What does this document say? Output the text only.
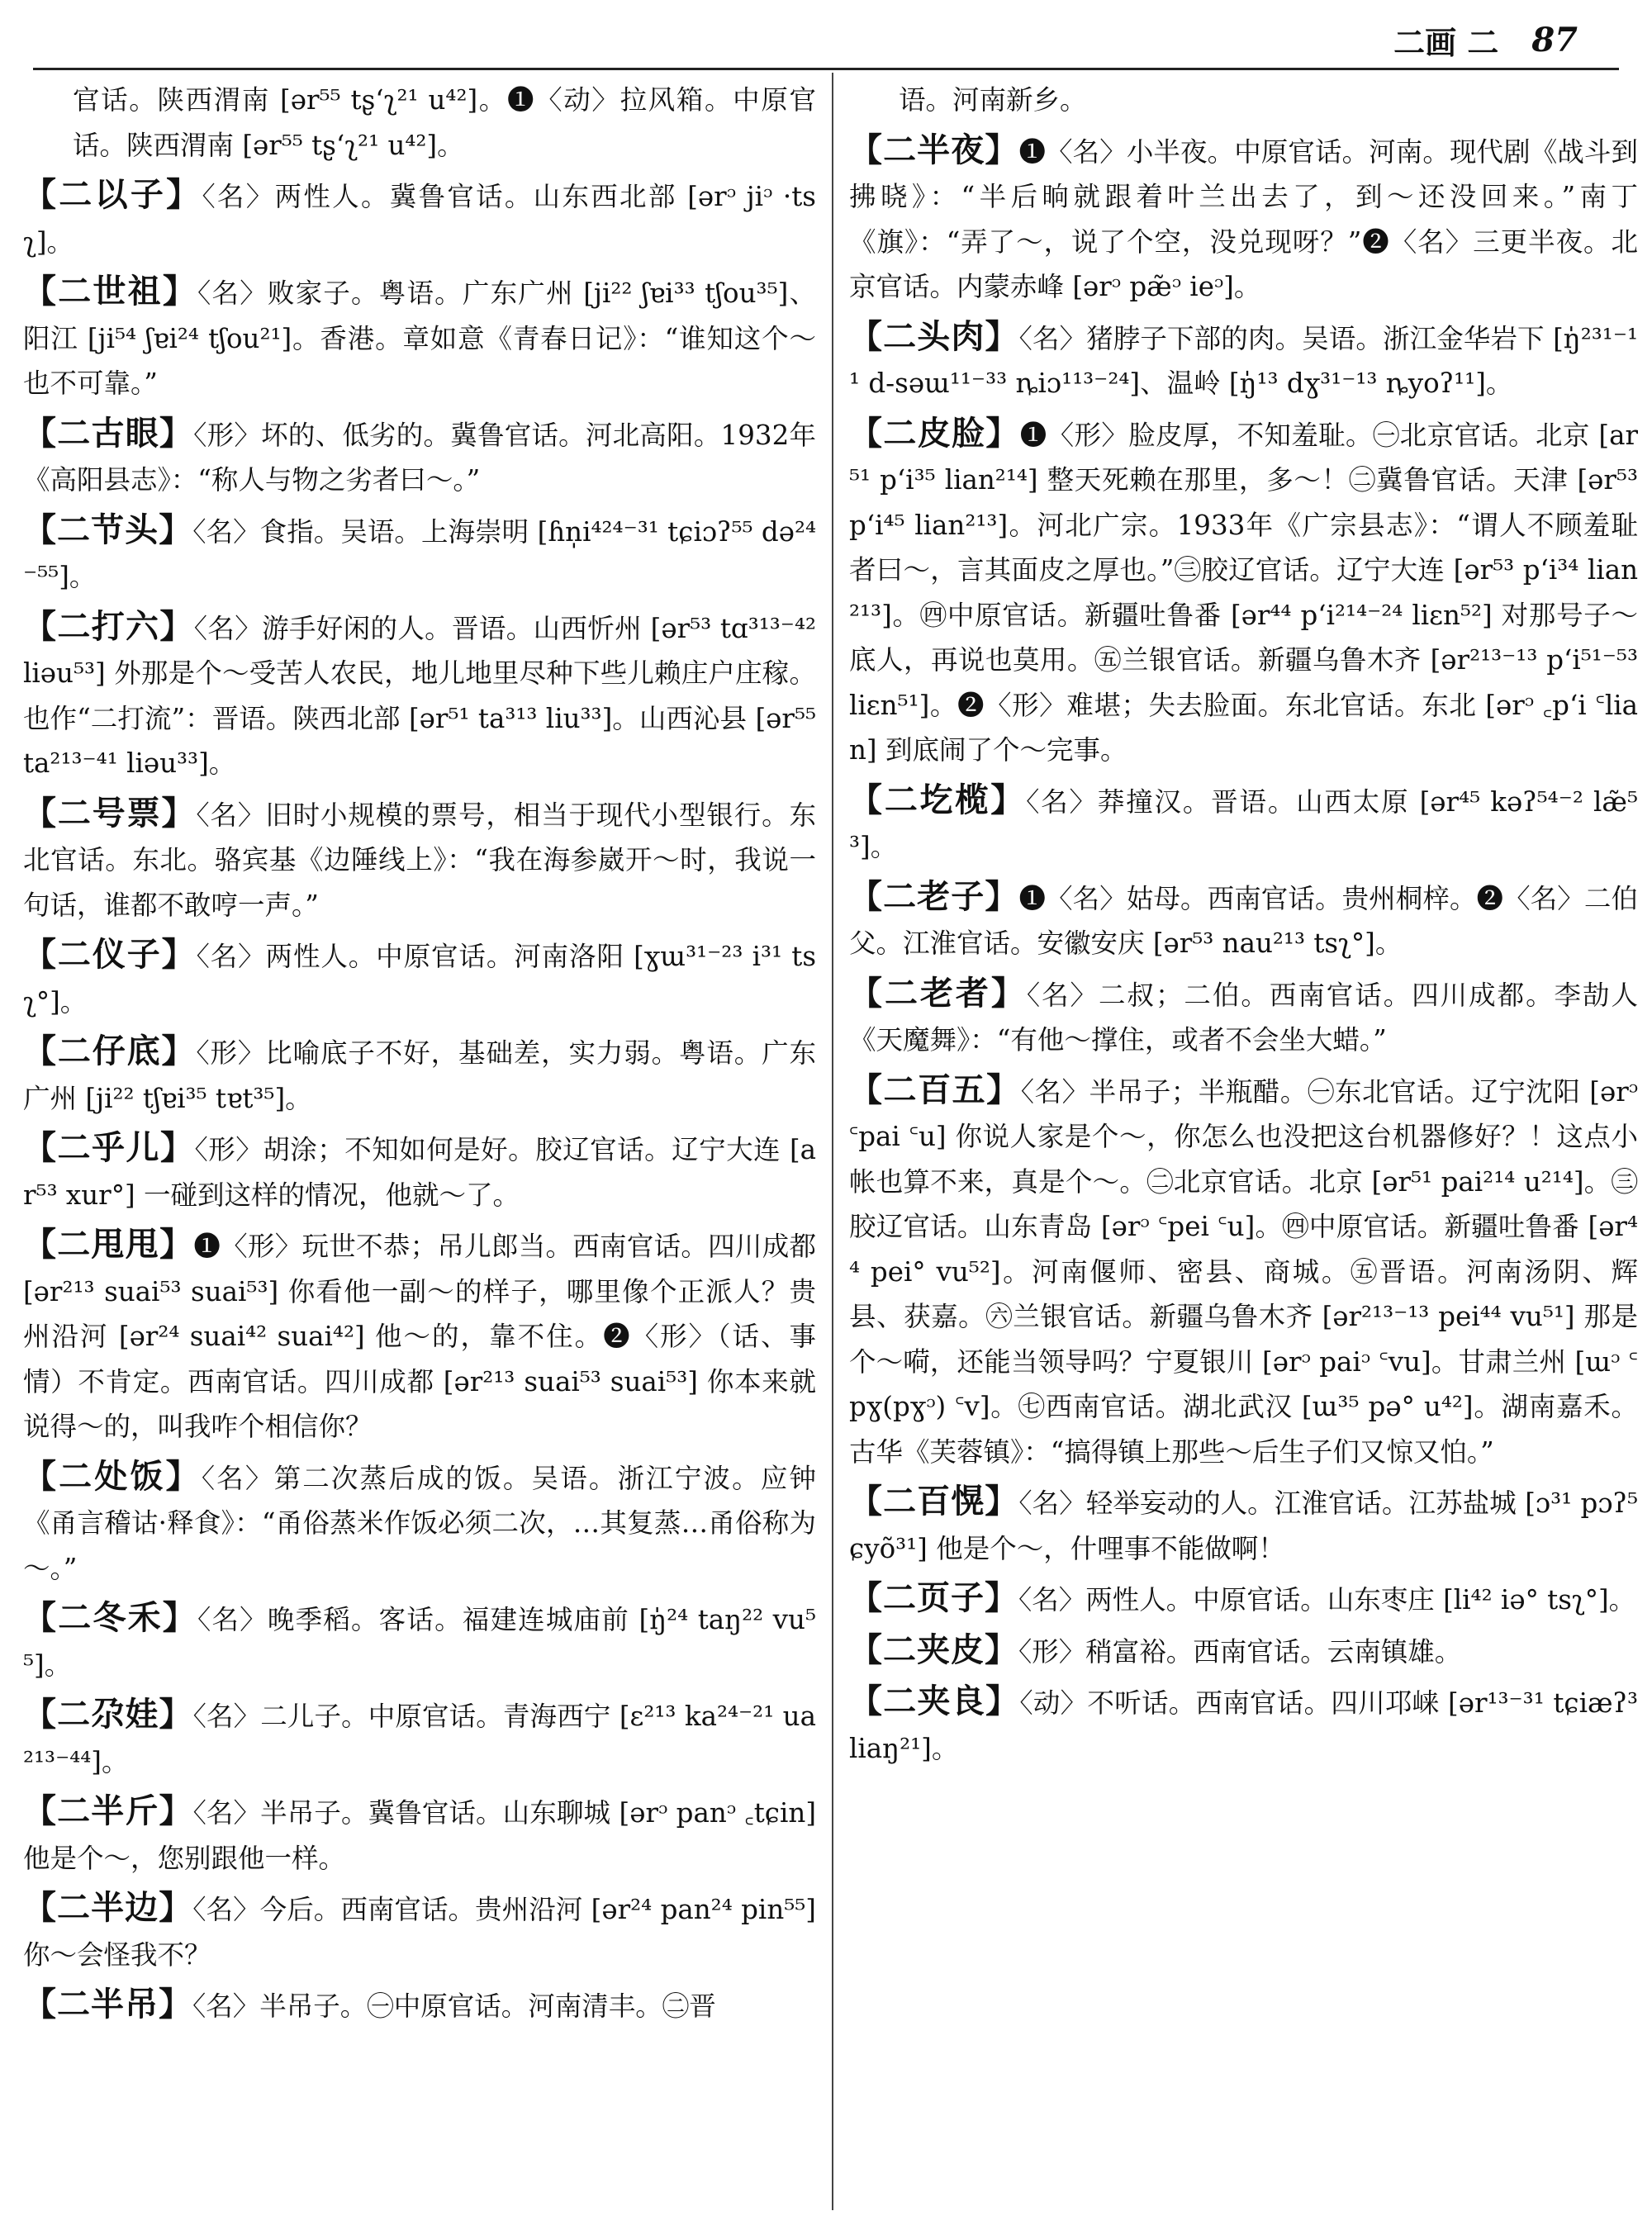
二画 二 87

官话。陕西渭南 [ər⁵⁵ tʂʻʅ²¹ u⁴²]。❶〈动〉拉风箱。中原官话。陕西渭南 [ər⁵⁵ tʂʻʅ²¹ u⁴²]。

【二以子】〈名〉两性人。冀鲁官话。山东西北部 [ərᵓ jiᵓ ·tsʅ]。

【二世祖】〈名〉败家子。粤语。广东广州 [ji²² ʃɐi³³ tʃou³⁵]、阳江 [ji⁵⁴ ʃɐi²⁴ tʃou²¹]。香港。章如意《青春日记》：“谁知这个～也不可靠。”

【二古眼】〈形〉坏的、低劣的。冀鲁官话。河北高阳。1932年《高阳县志》：“称人与物之劣者曰～。”

【二节头】〈名〉食指。吴语。上海崇明 [ɦn̩i⁴²⁴⁻³¹ tɕiɔʔ⁵⁵ də²⁴⁻⁵⁵]。

【二打六】〈名〉游手好闲的人。晋语。山西忻州 [ər⁵³ tɑ³¹³⁻⁴² liəu⁵³] 外那是个～受苦人农民，地儿地里尽种下些儿赖庄户庄稼。也作“二打流”：晋语。陕西北部 [ər⁵¹ ta³¹³ liu³³]。山西沁县 [ər⁵⁵ ta²¹³⁻⁴¹ liəu³³]。

【二号票】〈名〉旧时小规模的票号，相当于现代小型银行。东北官话。东北。骆宾基《边陲线上》：“我在海参崴开～时，我说一句话，谁都不敢哼一声。”

【二仪子】〈名〉两性人。中原官话。河南洛阳 [ɣɯ³¹⁻²³ i³¹ tsʅ°]。

【二仔底】〈形〉比喻底子不好，基础差，实力弱。粤语。广东广州 [ji²² tʃɐi³⁵ tɐt³⁵]。

【二乎儿】〈形〉胡涂；不知如何是好。胶辽官话。辽宁大连 [ar⁵³ xur°] 一碰到这样的情况，他就～了。

【二甩甩】❶〈形〉玩世不恭；吊儿郎当。西南官话。四川成都 [ər²¹³ suai⁵³ suai⁵³] 你看他一副～的样子，哪里像个正派人？贵州沿河 [ər²⁴ suai⁴² suai⁴²] 他～的，靠不住。❷〈形〉（话、事情）不肯定。西南官话。四川成都 [ər²¹³ suai⁵³ suai⁵³] 你本来就说得～的，叫我咋个相信你？

【二处饭】〈名〉第二次蒸后成的饭。吴语。浙江宁波。应钟《甬言稽诂·释食》：“甬俗蒸米作饭必须二次，…其复蒸…甬俗称为～。”

【二冬禾】〈名〉晚季稻。客话。福建连城庙前 [ŋ̍²⁴ taŋ²² vu⁵⁵]。

【二尕娃】〈名〉二儿子。中原官话。青海西宁 [ɛ²¹³ ka²⁴⁻²¹ ua²¹³⁻⁴⁴]。

【二半斤】〈名〉半吊子。冀鲁官话。山东聊城 [ərᵓ panᵓ ꜀tɕin] 他是个～，您别跟他一样。

【二半边】〈名〉今后。西南官话。贵州沿河 [ər²⁴ pan²⁴ pin⁵⁵] 你～会怪我不？

【二半吊】〈名〉半吊子。㊀中原官话。河南清丰。㊁晋

语。河南新乡。

【二半夜】❶〈名〉小半夜。中原官话。河南。现代剧《战斗到拂晓》：“半后晌就跟着叶兰出去了，到～还没回来。”南丁《旗》：“弄了～，说了个空，没兑现呀？”❷〈名〉三更半夜。北京官话。内蒙赤峰 [ərᵓ pæ̃ᵓ ieᵓ]。

【二头肉】〈名〉猪脖子下部的肉。吴语。浙江金华岩下 [ŋ̍²³¹⁻¹¹ d-səɯ¹¹⁻³³ ȵiɔ¹¹³⁻²⁴]、温岭 [ŋ̍¹³ dɣ³¹⁻¹³ ȵyoʔ¹¹]。

【二皮脸】❶〈形〉脸皮厚，不知羞耻。㊀北京官话。北京 [ar⁵¹ pʻi³⁵ lian²¹⁴] 整天死赖在那里，多～！㊁冀鲁官话。天津 [ər⁵³ pʻi⁴⁵ lian²¹³]。河北广宗。1933年《广宗县志》：“谓人不顾羞耻者曰～，言其面皮之厚也。”㊂胶辽官话。辽宁大连 [ər⁵³ pʻi³⁴ lian²¹³]。㊃中原官话。新疆吐鲁番 [ər⁴⁴ pʻi²¹⁴⁻²⁴ liɛn⁵²] 对那号子～底人，再说也莫用。㊄兰银官话。新疆乌鲁木齐 [ər²¹³⁻¹³ pʻi⁵¹⁻⁵³ liɛn⁵¹]。❷〈形〉难堪；失去脸面。东北官话。东北 [ərᵓ ꜀pʻi ꜂lian] 到底闹了个～完事。

【二圪榄】〈名〉莽撞汉。晋语。山西太原 [ər⁴⁵ kəʔ⁵⁴⁻² læ̃⁵³]。

【二老子】❶〈名〉姑母。西南官话。贵州桐梓。❷〈名〉二伯父。江淮官话。安徽安庆 [ər⁵³ nau²¹³ tsʅ°]。

【二老者】〈名〉二叔；二伯。西南官话。四川成都。李劼人《天魔舞》：“有他～撑住，或者不会坐大蜡。”

【二百五】〈名〉半吊子；半瓶醋。㊀东北官话。辽宁沈阳 [ərᵓ ꜂pai ꜂u] 你说人家是个～，你怎么也没把这台机器修好？！这点小帐也算不来，真是个～。㊁北京官话。北京 [ər⁵¹ pai²¹⁴ u²¹⁴]。㊂胶辽官话。山东青岛 [ərᵓ ꜂pei ꜂u]。㊃中原官话。新疆吐鲁番 [ər⁴⁴ pei° vu⁵²]。河南偃师、密县、商城。㊄晋语。河南汤阴、辉县、获嘉。㊅兰银官话。新疆乌鲁木齐 [ər²¹³⁻¹³ pei⁴⁴ vu⁵¹] 那是个～嗬，还能当领导吗？宁夏银川 [ərᵓ paiᵓ ꜂vu]。甘肃兰州 [ɯᵓ ꜂pɣ(pɣᵓ) ꜂v]。㊆西南官话。湖北武汉 [ɯ³⁵ pə° u⁴²]。湖南嘉禾。古华《芙蓉镇》：“搞得镇上那些～后生子们又惊又怕。”

【二百愰】〈名〉轻举妄动的人。江淮官话。江苏盐城 [ɔ³¹ pɔʔ⁵ ɕyõ³¹] 他是个～，什哩事不能做啊！

【二页子】〈名〉两性人。中原官话。山东枣庄 [li⁴² iə° tsʅ°]。

【二夹皮】〈形〉稍富裕。西南官话。云南镇雄。

【二夹良】〈动〉不听话。西南官话。四川邛崃 [ər¹³⁻³¹ tɕiæʔ³ liaŋ²¹]。
